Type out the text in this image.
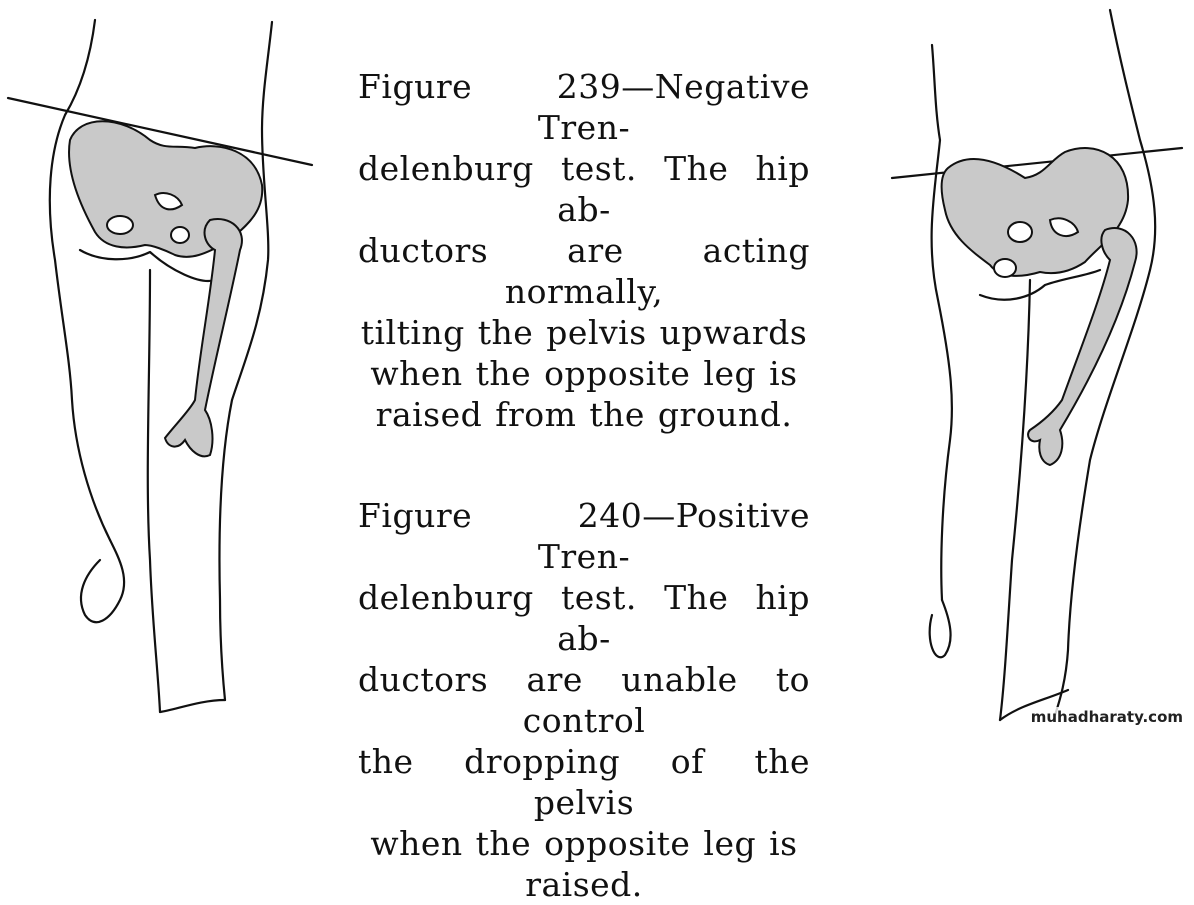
Figure 239—Negative Tren-

delenburg test. The hip ab-

ductors are acting normally,

tilting the pelvis upwards

when the opposite leg is

raised from the ground.

Figure 240—Positive Tren-

delenburg test. The hip ab-

ductors are unable to control

the dropping of the pelvis

when the opposite leg is

raised.

muhadharaty.com
